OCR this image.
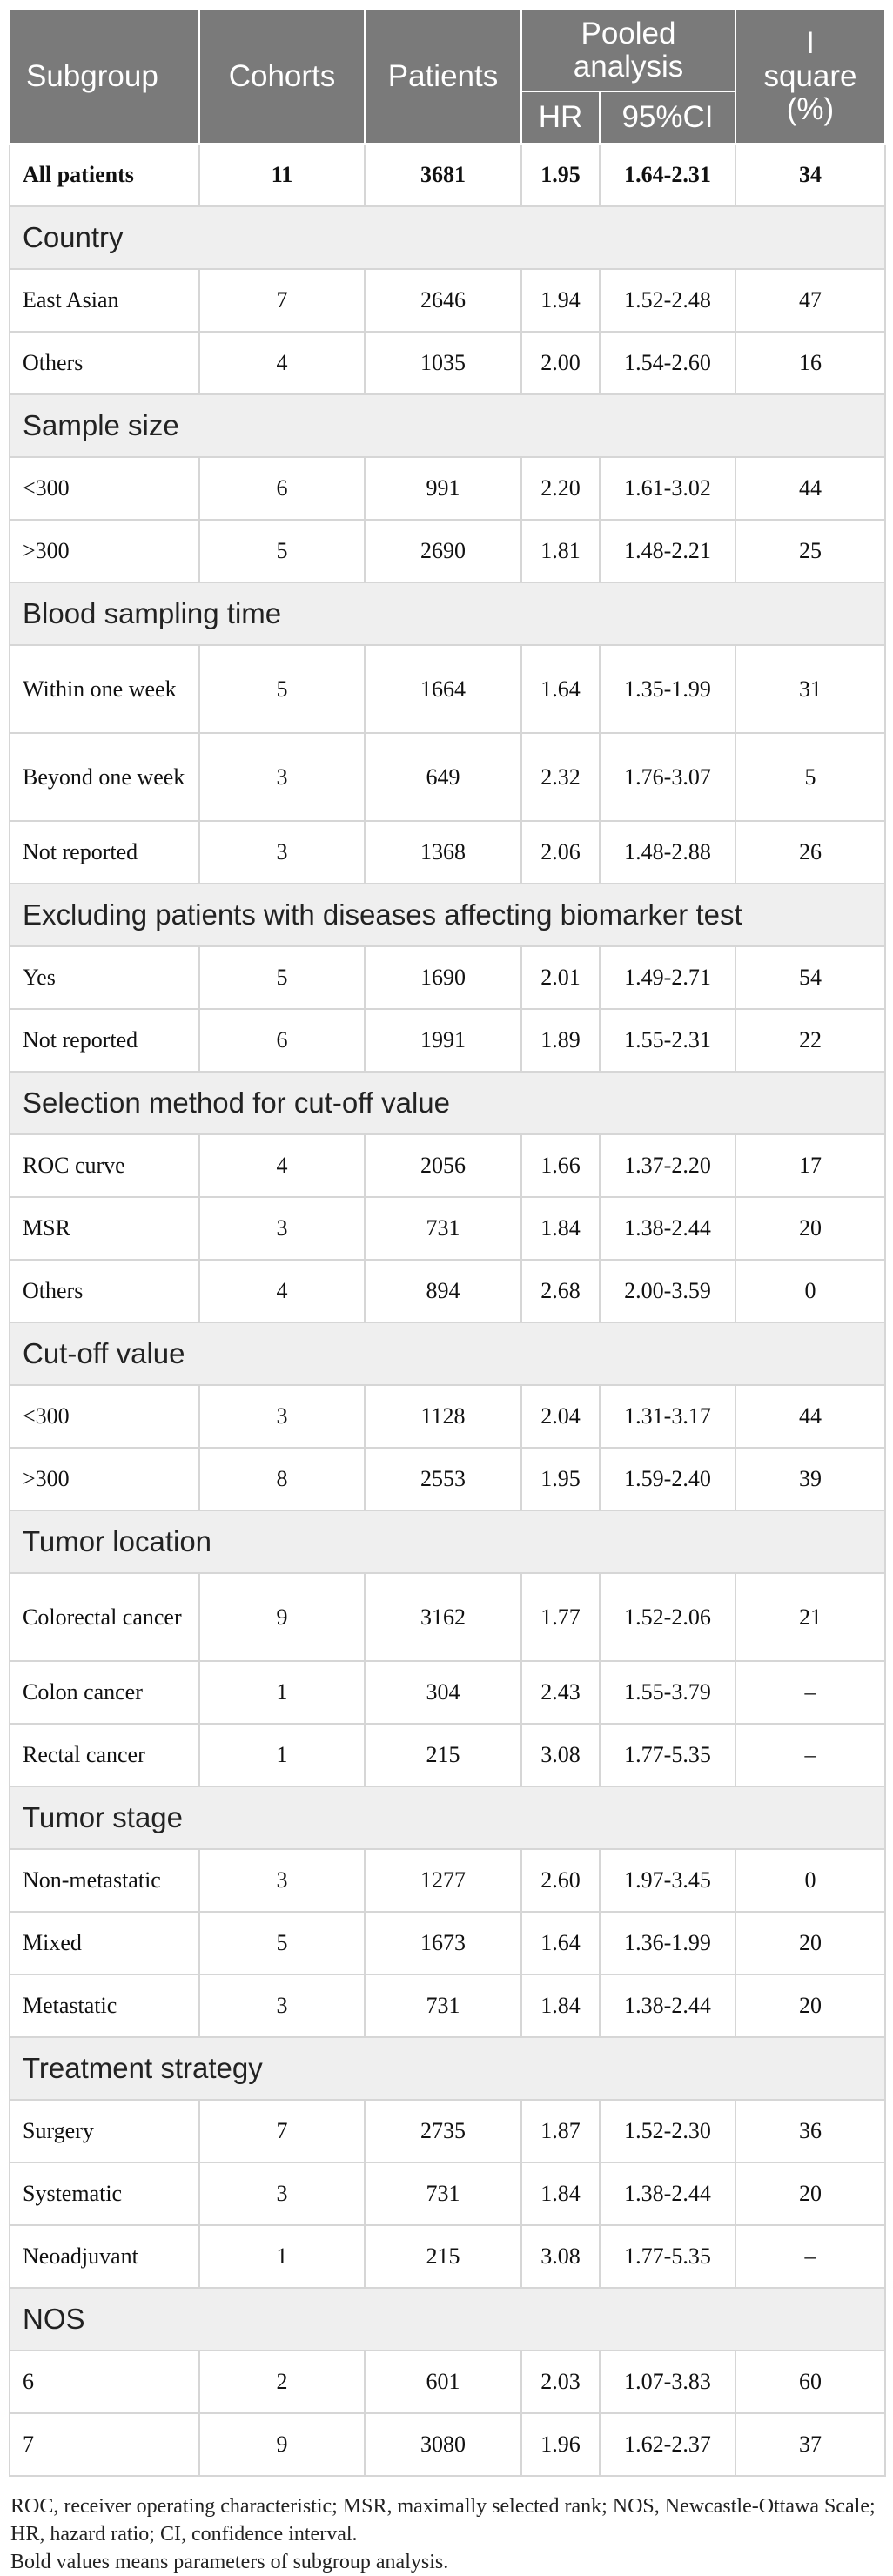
Subgroup	Cohorts	Patients	Pooled analysis		I square (%)
			HR	95%CI	
All patients	11	3681	1.95	1.64-2.31	34
Country					
East Asian	7	2646	1.94	1.52-2.48	47
Others	4	1035	2.00	1.54-2.60	16
Sample size					
<300	6	991	2.20	1.61-3.02	44
>300	5	2690	1.81	1.48-2.21	25
Blood sampling time					
Within one week	5	1664	1.64	1.35-1.99	31
Beyond one week	3	649	2.32	1.76-3.07	5
Not reported	3	1368	2.06	1.48-2.88	26
Excluding patients with diseases affecting biomarker test					
Yes	5	1690	2.01	1.49-2.71	54
Not reported	6	1991	1.89	1.55-2.31	22
Selection method for cut-off value					
ROC curve	4	2056	1.66	1.37-2.20	17
MSR	3	731	1.84	1.38-2.44	20
Others	4	894	2.68	2.00-3.59	0
Cut-off value					
<300	3	1128	2.04	1.31-3.17	44
>300	8	2553	1.95	1.59-2.40	39
Tumor location					
Colorectal cancer	9	3162	1.77	1.52-2.06	21
Colon cancer	1	304	2.43	1.55-3.79	–
Rectal cancer	1	215	3.08	1.77-5.35	–
Tumor stage					
Non-metastatic	3	1277	2.60	1.97-3.45	0
Mixed	5	1673	1.64	1.36-1.99	20
Metastatic	3	731	1.84	1.38-2.44	20
Treatment strategy					
Surgery	7	2735	1.87	1.52-2.30	36
Systematic	3	731	1.84	1.38-2.44	20
Neoadjuvant	1	215	3.08	1.77-5.35	–
NOS					
6	2	601	2.03	1.07-3.83	60
7	9	3080	1.96	1.62-2.37	37
ROC, receiver operating characteristic; MSR, maximally selected rank; NOS, Newcastle-Ottawa Scale; HR, hazard ratio; CI, confidence interval.
Bold values means parameters of subgroup analysis.
